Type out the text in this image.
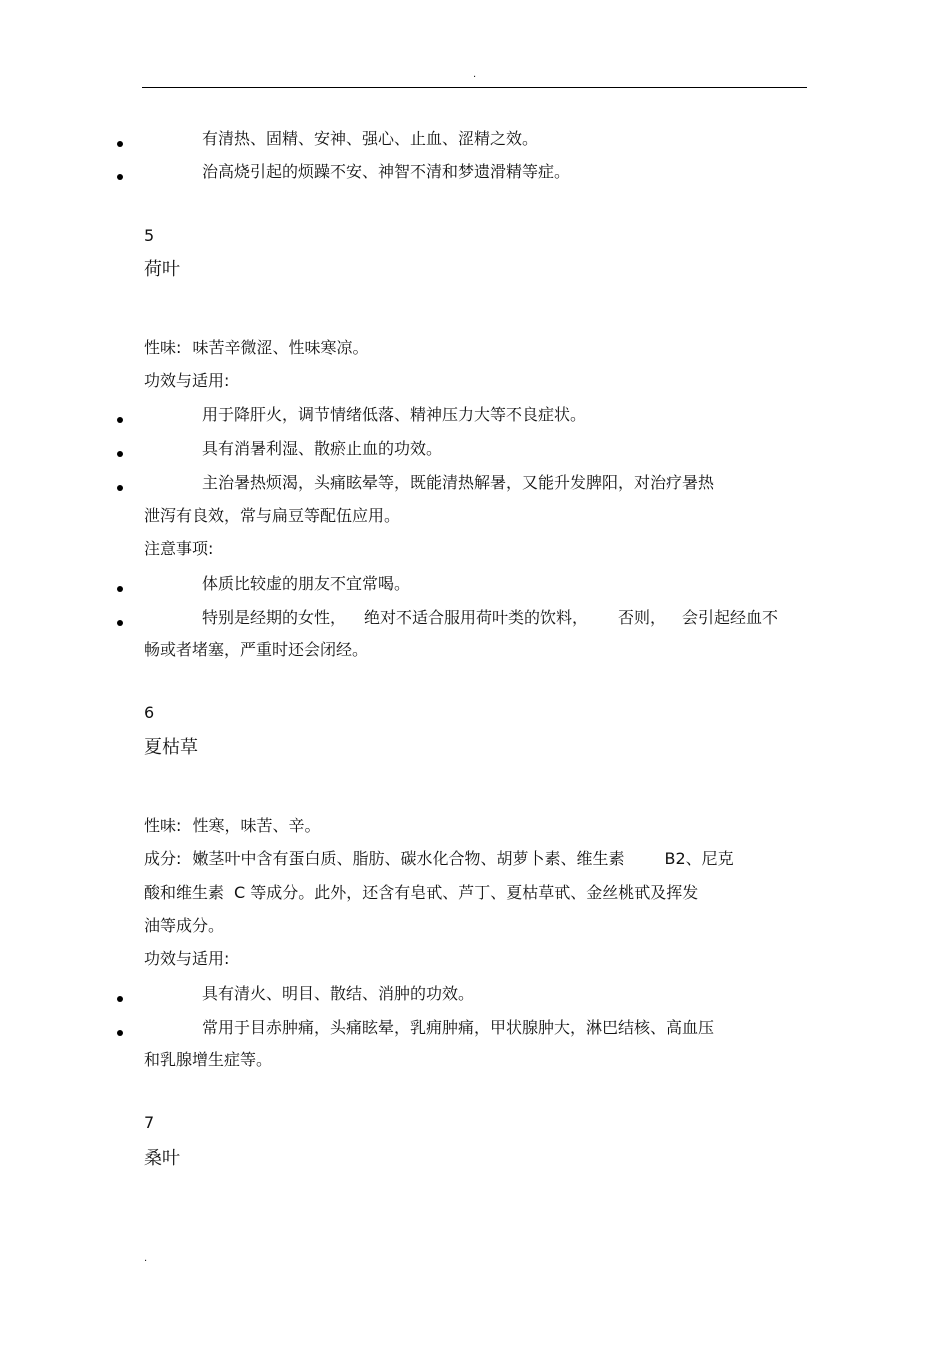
.
有清热、固精、安神、强心、止血、涩精之效。
治高烧引起的烦躁不安、神智不清和梦遗滑精等症。
5
荷叶
性味: 味苦辛微涩、性味寒凉。
功效与适用:
用于降肝火，调节情绪低落、精神压力大等不良症状。
具有消暑利湿、散瘀止血的功效。
主治暑热烦渴，头痛眩晕等，既能清热解暑，又能升发脾阳，对治疗暑热
泄泻有良效，常与扁豆等配伍应用。
注意事项:
体质比较虚的朋友不宜常喝。
特别是经期的女性， 绝对不适合服用荷叶类的饮料， 否则， 会引起经血不
畅或者堵塞，严重时还会闭经。
6
夏枯草
性味: 性寒，味苦、辛。
成分: 嫩茎叶中含有蛋白质、脂肪、碳水化合物、胡萝卜素、维生素	B2、尼克
酸和维生素 C 等成分。此外，还含有皂甙、芦丁、夏枯草甙、金丝桃甙及挥发
油等成分。
功效与适用:
具有清火、明目、散结、消肿的功效。
常用于目赤肿痛，头痛眩晕，乳痈肿痛，甲状腺肿大，淋巴结核、高血压
和乳腺增生症等。
7
桑叶
.
